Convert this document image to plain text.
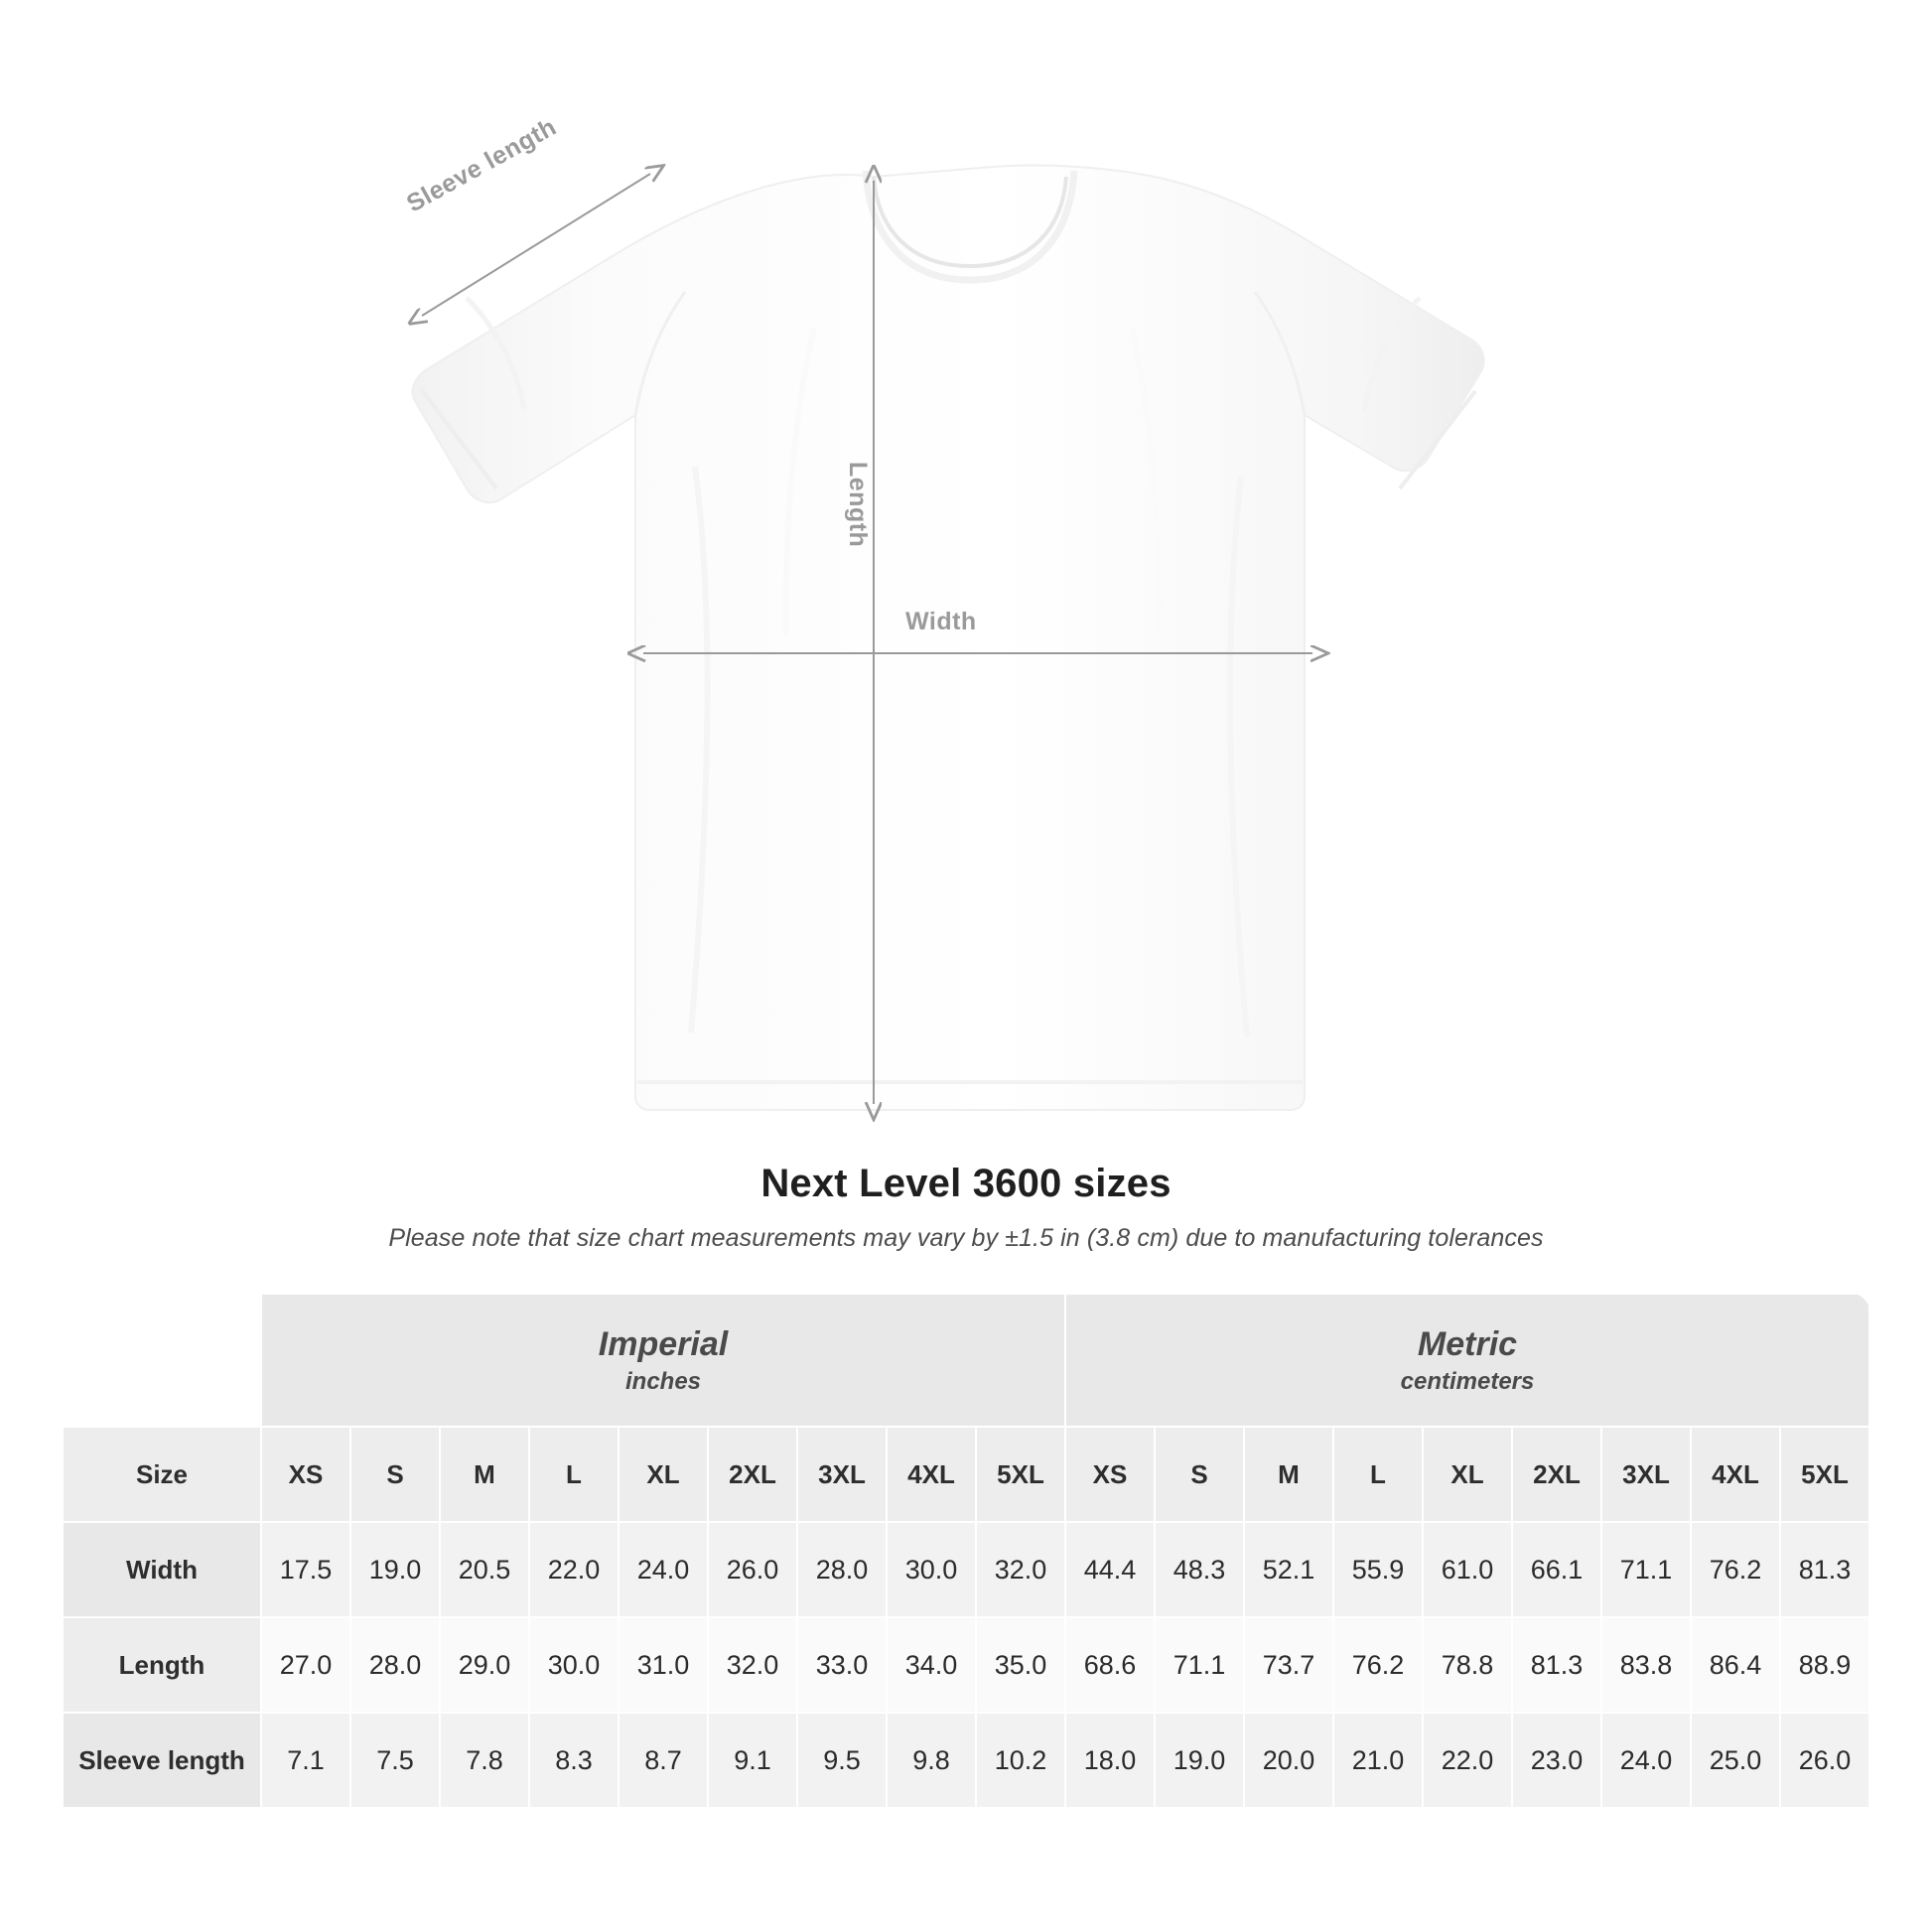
Sleeve length
Length
Width
Next Level 3600 sizes

Please note that size chart measurements may vary by ±1.5 in (3.8 cm) due to manufacturing tolerances

	Imperial
inches									Metric
centimeters								

Size	XS	S	M	L	XL	2XL	3XL	4XL	5XL	XS	S	M	L	XL	2XL	3XL	4XL	5XL
Width	17.5	19.0	20.5	22.0	24.0	26.0	28.0	30.0	32.0	44.4	48.3	52.1	55.9	61.0	66.1	71.1	76.2	81.3
Length	27.0	28.0	29.0	30.0	31.0	32.0	33.0	34.0	35.0	68.6	71.1	73.7	76.2	78.8	81.3	83.8	86.4	88.9
Sleeve length	7.1	7.5	7.8	8.3	8.7	9.1	9.5	9.8	10.2	18.0	19.0	20.0	21.0	22.0	23.0	24.0	25.0	26.0
